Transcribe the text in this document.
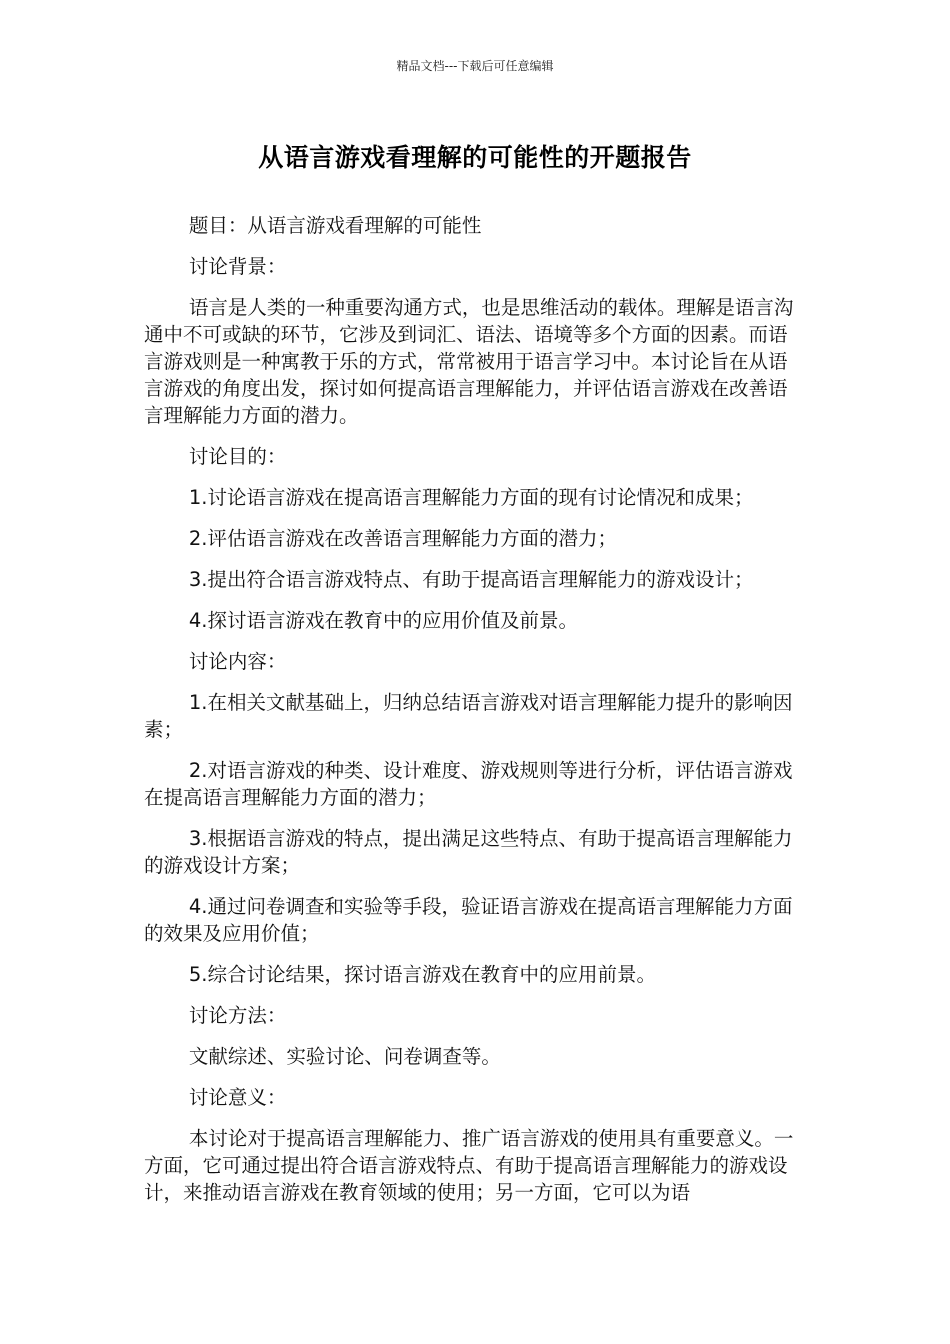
精品文档---下载后可任意编辑
从语言游戏看理解的可能性的开题报告

题目：从语言游戏看理解的可能性

讨论背景：

语言是人类的一种重要沟通方式，也是思维活动的载体。理解是语言沟通中不可或缺的环节，它涉及到词汇、语法、语境等多个方面的因素。而语言游戏则是一种寓教于乐的方式，常常被用于语言学习中。本讨论旨在从语言游戏的角度出发，探讨如何提高语言理解能力，并评估语言游戏在改善语言理解能力方面的潜力。

讨论目的：

1.讨论语言游戏在提高语言理解能力方面的现有讨论情况和成果；

2.评估语言游戏在改善语言理解能力方面的潜力；

3.提出符合语言游戏特点、有助于提高语言理解能力的游戏设计；

4.探讨语言游戏在教育中的应用价值及前景。

讨论内容：

1.在相关文献基础上，归纳总结语言游戏对语言理解能力提升的影响因素；

2.对语言游戏的种类、设计难度、游戏规则等进行分析，评估语言游戏在提高语言理解能力方面的潜力；

3.根据语言游戏的特点，提出满足这些特点、有助于提高语言理解能力的游戏设计方案；

4.通过问卷调查和实验等手段，验证语言游戏在提高语言理解能力方面的效果及应用价值；

5.综合讨论结果，探讨语言游戏在教育中的应用前景。

讨论方法：

文献综述、实验讨论、问卷调查等。

讨论意义：

本讨论对于提高语言理解能力、推广语言游戏的使用具有重要意义。一方面，它可通过提出符合语言游戏特点、有助于提高语言理解能力的游戏设计，来推动语言游戏在教育领域的使用；另一方面，它可以为语
